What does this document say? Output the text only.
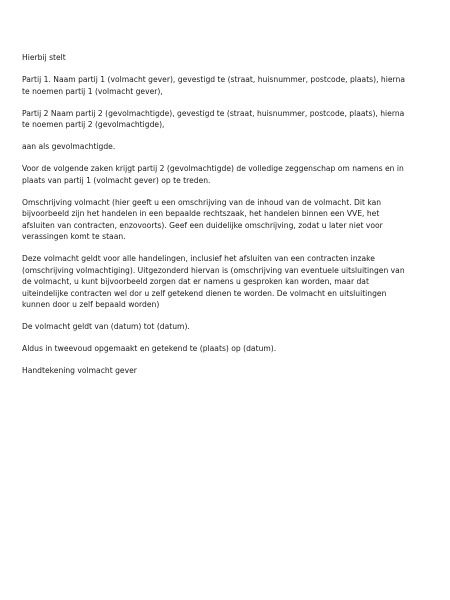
Hierbij stelt

Partij 1. Naam partij 1 (volmacht gever), gevestigd te (straat, huisnummer, postcode, plaats), hierna
te noemen partij 1 (volmacht gever),

Partij 2 Naam partij 2 (gevolmachtigde), gevestigd te (straat, huisnummer, postcode, plaats), hierna
te noemen partij 2 (gevolmachtigde),

aan als gevolmachtigde.

Voor de volgende zaken krijgt partij 2 (gevolmachtigde) de volledige zeggenschap om namens en in
plaats van partij 1 (volmacht gever) op te treden.

Omschrijving volmacht (hier geeft u een omschrijving van de inhoud van de volmacht. Dit kan
bijvoorbeeld zijn het handelen in een bepaalde rechtszaak, het handelen binnen een VVE, het
afsluiten van contracten, enzovoorts). Geef een duidelijke omschrijving, zodat u later niet voor
verassingen komt te staan.

Deze volmacht geldt voor alle handelingen, inclusief het afsluiten van een contracten inzake
(omschrijving volmachtiging). Uitgezonderd hiervan is (omschrijving van eventuele uitsluitingen van
de volmacht, u kunt bijvoorbeeld zorgen dat er namens u gesproken kan worden, maar dat
uiteindelijke contracten wel dor u zelf getekend dienen te worden. De volmacht en uitsluitingen
kunnen door u zelf bepaald worden)

De volmacht geldt van (datum) tot (datum).

Aldus in tweevoud opgemaakt en getekend te (plaats) op (datum).

Handtekening volmacht gever
